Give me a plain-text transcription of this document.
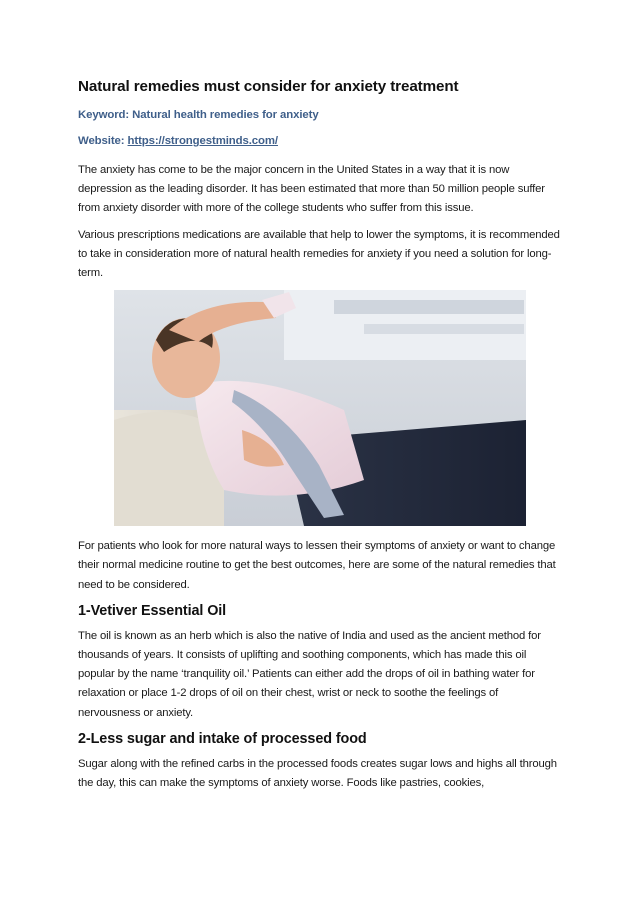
Natural remedies must consider for anxiety treatment
Keyword: Natural health remedies for anxiety
Website: https://strongestminds.com/

The anxiety has come to be the major concern in the United States in a way that it is now depression as the leading disorder. It has been estimated that more than 50 million people suffer from anxiety disorder with more of the college students who suffer from this issue.

Various prescriptions medications are available that help to lower the symptoms, it is recommended to take in consideration more of natural health remedies for anxiety if you need a solution for long-term.

For patients who look for more natural ways to lessen their symptoms of anxiety or want to change their normal medicine routine to get the best outcomes, here are some of the natural remedies that need to be considered.

1-Vetiver Essential Oil

The oil is known as an herb which is also the native of India and used as the ancient method for thousands of years. It consists of uplifting and soothing components, which has made this oil popular by the name ‘tranquility oil.’ Patients can either add the drops of oil in bathing water for relaxation or place 1-2 drops of oil on their chest, wrist or neck to soothe the feelings of nervousness or anxiety.

2-Less sugar and intake of processed food

Sugar along with the refined carbs in the processed foods creates sugar lows and highs all through the day, this can make the symptoms of anxiety worse. Foods like pastries, cookies,
